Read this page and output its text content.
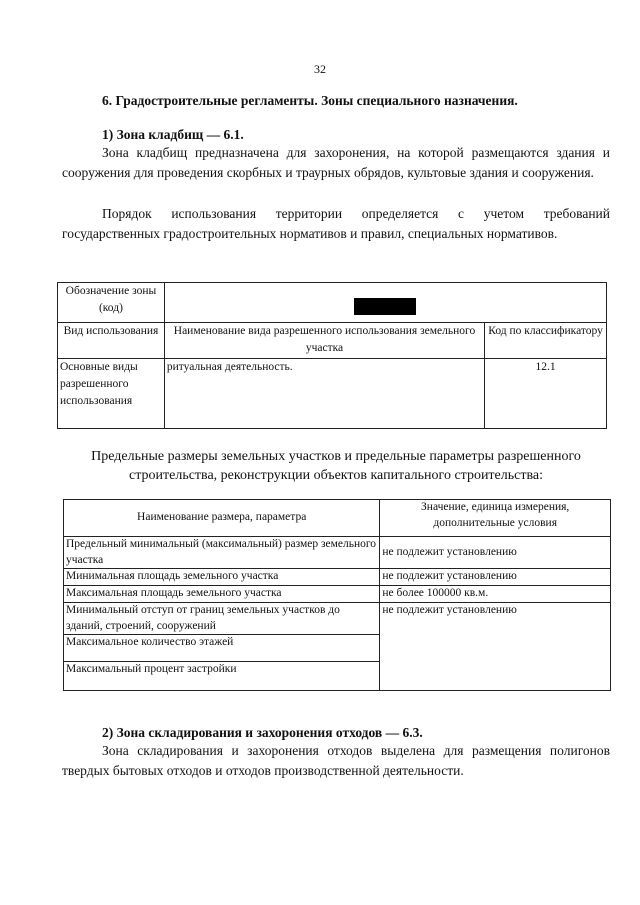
32
6. Градостроительные регламенты. Зоны специального назначения.
1) Зона кладбищ — 6.1.
Зона кладбищ предназначена для захоронения, на которой размещаются здания и сооружения для проведения скорбных и траурных обрядов, культовые здания и сооружения.
Порядок использования территории определяется с учетом требований государственных градостроительных нормативов и правил, специальных нормативов.
Обозначение зоны (код)		
Вид использования	Наименование вида разрешенного использования земельного участка	Код по классификатору
Основные виды разрешенного использования	ритуальная деятельность.	12.1
Предельные размеры земельных участков и предельные параметры разрешенного строительства, реконструкции объектов капитального строительства:
Наименование размера, параметра	Значение, единица измерения, дополнительные условия
Предельный минимальный (максимальный) размер земельного участка	не подлежит установлению
Минимальная площадь земельного участка	не подлежит установлению
Максимальная площадь земельного участка	не более 100000 кв.м.
Минимальный отступ от границ земельных участков до зданий, строений, сооружений	не подлежит установлению
Максимальное количество этажей	
Максимальный процент застройки	
2) Зона складирования и захоронения отходов — 6.3.
Зона складирования и захоронения отходов выделена для размещения полигонов твердых бытовых отходов и отходов производственной деятельности.
